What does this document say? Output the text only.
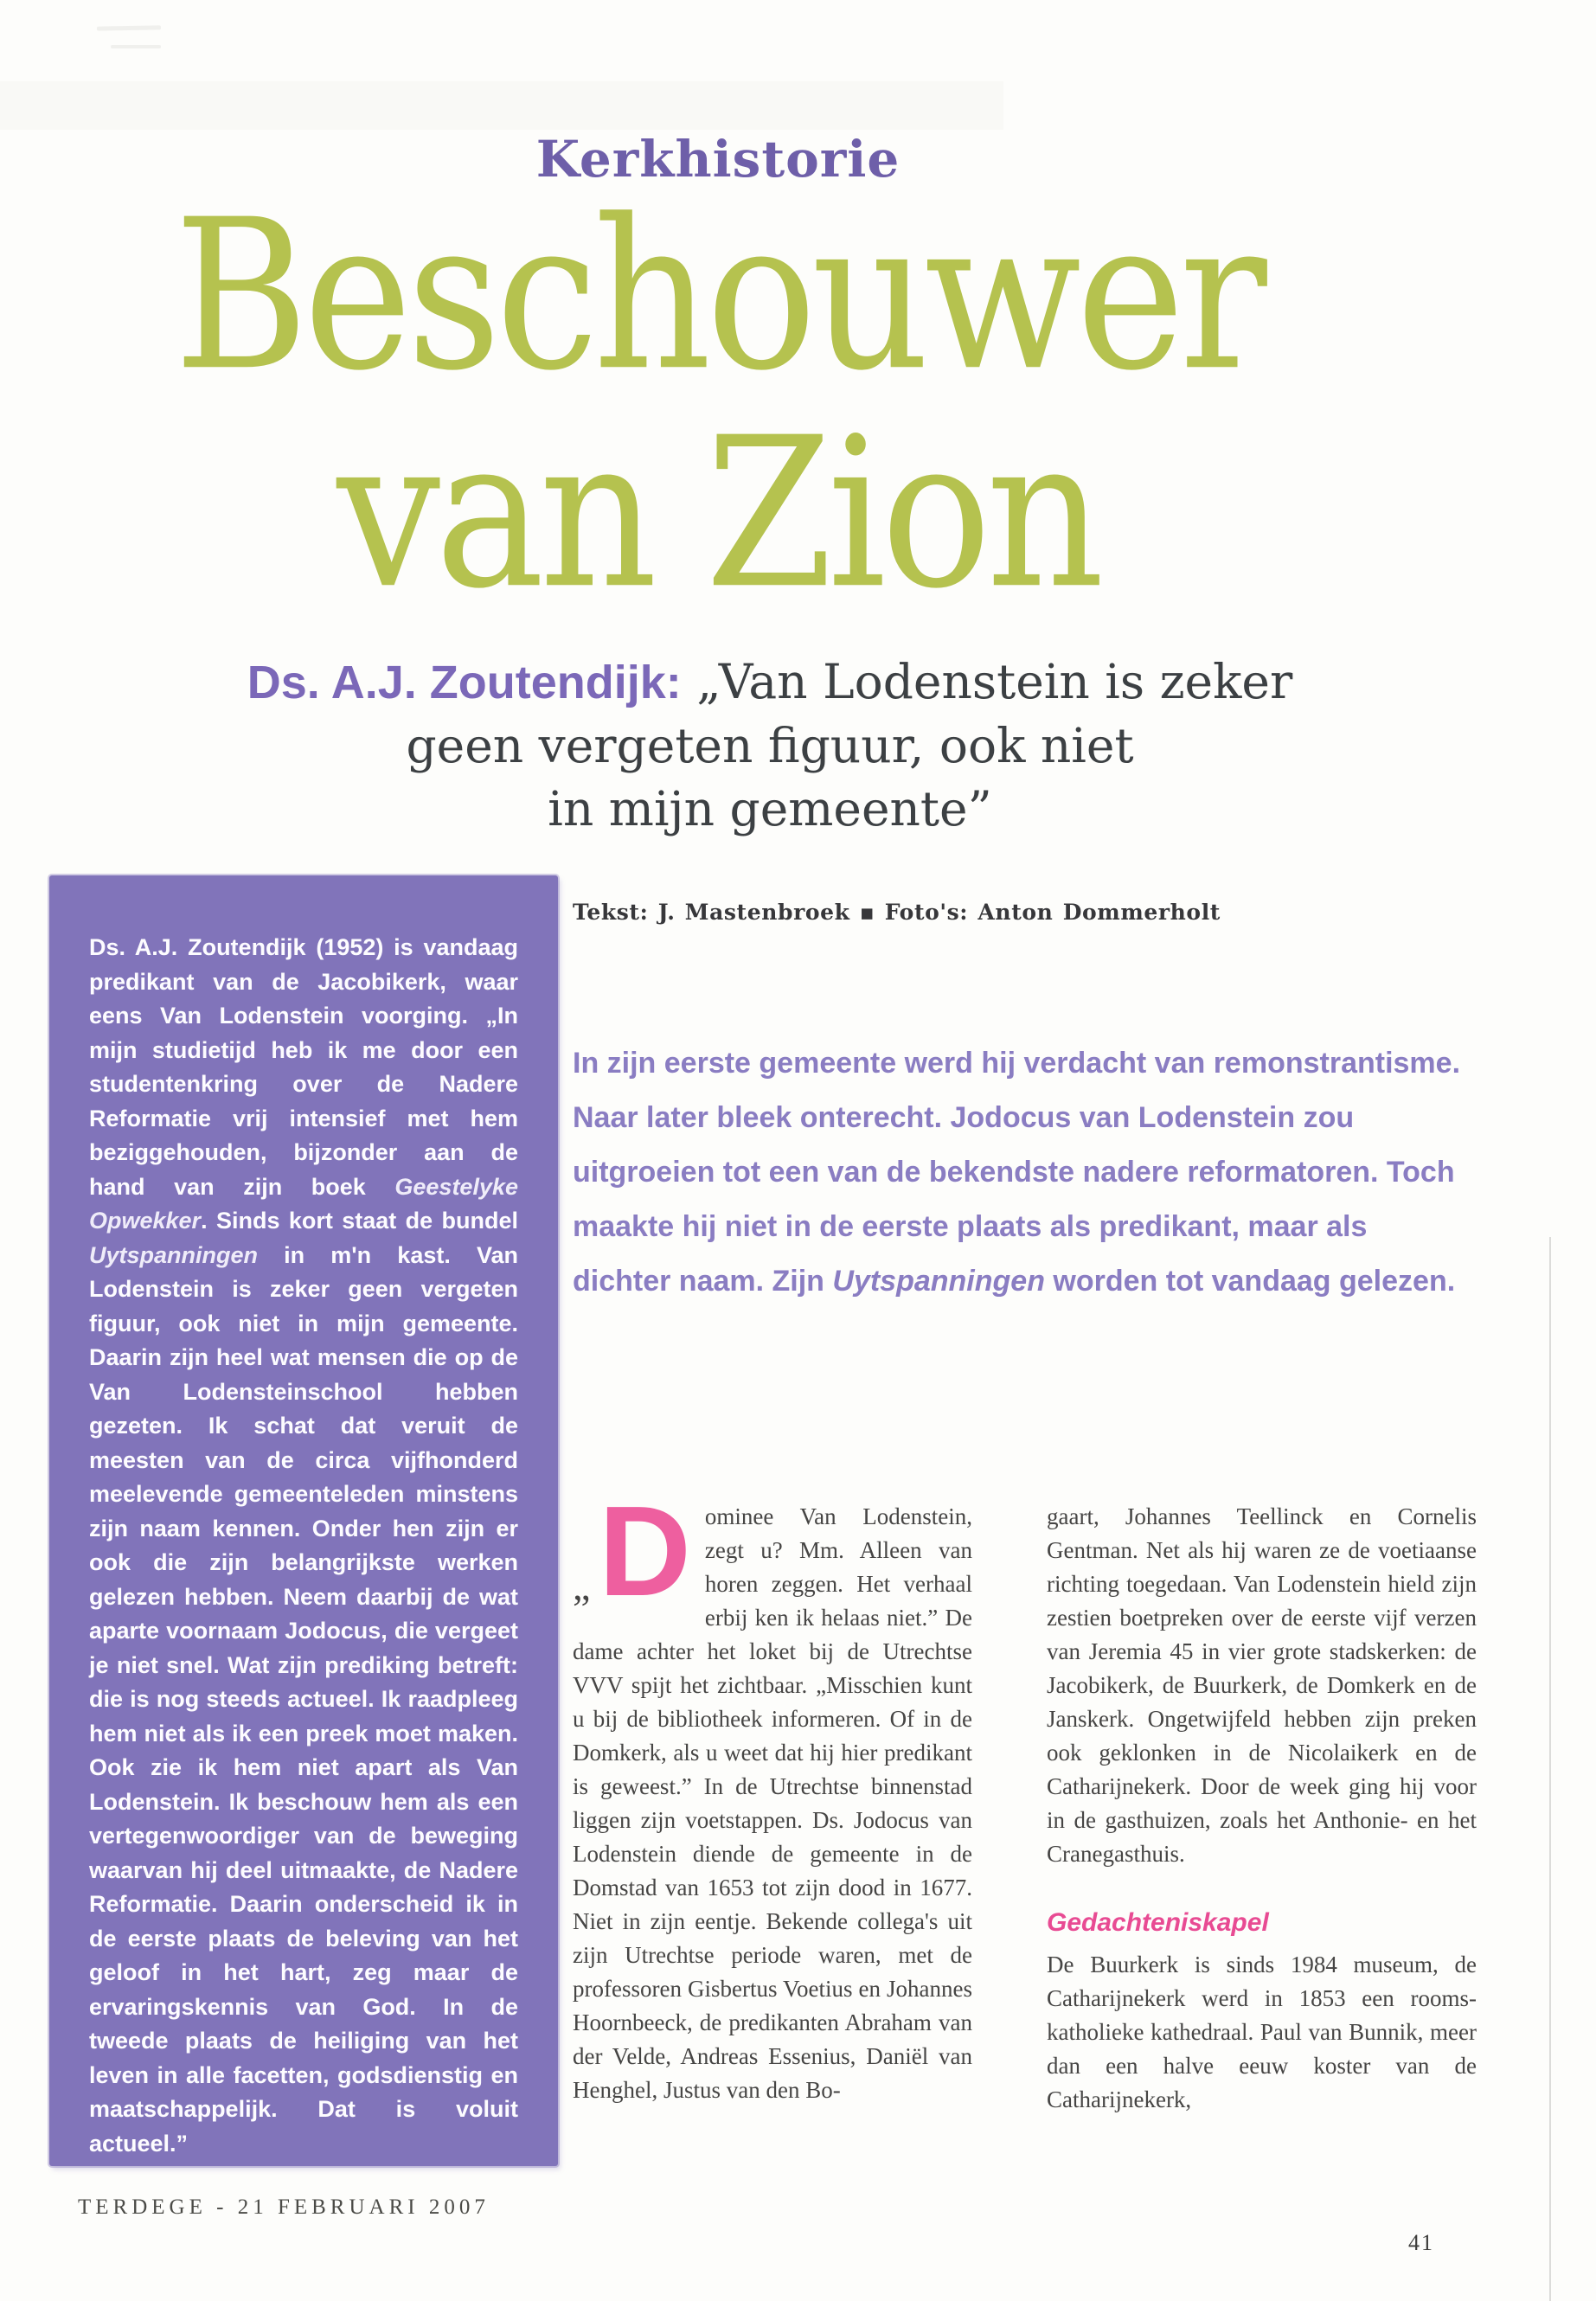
Kerkhistorie
Beschouwer
van Zion
Ds. A.J. Zoutendijk: „Van Lodenstein is zeker
geen vergeten figuur, ook niet
in mijn gemeente”
Tekst: J. Mastenbroek ▪ Foto's: Anton Dommerholt
Ds. A.J. Zoutendijk (1952) is vandaag predikant van de Jacobikerk, waar eens Van Lodenstein voorging. „In mijn studietijd heb ik me door een studentenkring over de Nadere Reformatie vrij intensief met hem beziggehouden, bijzonder aan de hand van zijn boek Geestelyke Opwekker. Sinds kort staat de bundel Uytspanningen in m'n kast. Van Lodenstein is zeker geen vergeten figuur, ook niet in mijn gemeente. Daarin zijn heel wat mensen die op de Van Lodensteinschool hebben gezeten. Ik schat dat veruit de meesten van de circa vijfhonderd meelevende gemeenteleden minstens zijn naam kennen. Onder hen zijn er ook die zijn belangrijkste werken gelezen hebben. Neem daarbij de wat aparte voornaam Jodocus, die vergeet je niet snel. Wat zijn prediking betreft: die is nog steeds actueel. Ik raadpleeg hem niet als ik een preek moet maken. Ook zie ik hem niet apart als Van Lodenstein. Ik beschouw hem als een vertegenwoordiger van de beweging waarvan hij deel uitmaakte, de Nadere Reformatie. Daarin onderscheid ik in de eerste plaats de beleving van het geloof in het hart, zeg maar de ervaringskennis van God. In de tweede plaats de heiliging van het leven in alle facetten, godsdienstig en maatschappelijk. Dat is voluit actueel.”
In zijn eerste gemeente werd hij verdacht van remonstrantisme. Naar later bleek onterecht. Jodocus van Lodenstein zou uitgroeien tot een van de bekendste nadere reformatoren. Toch maakte hij niet in de eerste plaats als predikant, maar als dichter naam. Zijn Uytspanningen worden tot vandaag gelezen.
„ D ominee Van Lodenstein, zegt u? Mm. Alleen van horen zeggen. Het verhaal erbij ken ik helaas niet.” De dame achter het loket bij de Utrechtse VVV spijt het zichtbaar. „Misschien kunt u bij de bibliotheek informeren. Of in de Domkerk, als u weet dat hij hier predikant is geweest.” In de Utrechtse binnenstad liggen zijn voetstappen. Ds. Jodocus van Lodenstein diende de gemeente in de Domstad van 1653 tot zijn dood in 1677. Niet in zijn eentje. Bekende collega's uit zijn Utrechtse periode waren, met de professoren Gisbertus Voetius en Johannes Hoornbeeck, de predikanten Abraham van der Velde, Andreas Essenius, Daniël van Henghel, Justus van den Bo-

gaart, Johannes Teellinck en Cornelis Gentman. Net als hij waren ze de voetiaanse richting toegedaan. Van Lodenstein hield zijn zestien boetpreken over de eerste vijf verzen van Jeremia 45 in vier grote stadskerken: de Jacobikerk, de Buurkerk, de Domkerk en de Janskerk. Ongetwijfeld hebben zijn preken ook geklonken in de Nicolaikerk en de Catharijnekerk. Door de week ging hij voor in de gasthuizen, zoals het Anthonie- en het Cranegasthuis.

Gedachteniskapel

De Buurkerk is sinds 1984 museum, de Catharijnekerk werd in 1853 een rooms-katholieke kathedraal. Paul van Bunnik, meer dan een halve eeuw koster van de Catharijnekerk,

TERDEGE - 21 FEBRUARI 2007
41
